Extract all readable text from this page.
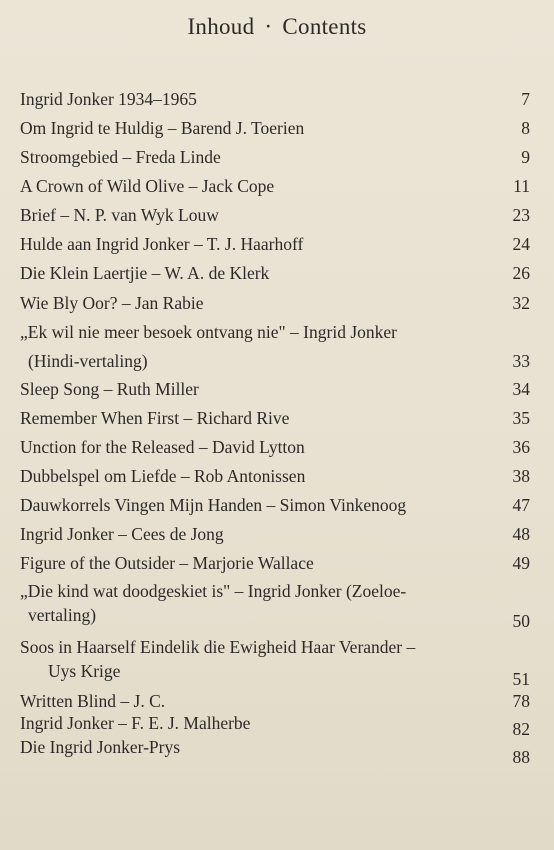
Inhoud · Contents
Ingrid Jonker 1934–1965	7
Om Ingrid te Huldig – Barend J. Toerien	8
Stroomgebied – Freda Linde	9
A Crown of Wild Olive – Jack Cope	11
Brief – N. P. van Wyk Louw	23
Hulde aan Ingrid Jonker – T. J. Haarhoff	24
Die Klein Laertjie – W. A. de Klerk	26
Wie Bly Oor? – Jan Rabie	32
„Ek wil nie meer besoek ontvang nie" – Ingrid Jonker
(Hindi-vertaling)	33
Sleep Song – Ruth Miller	34
Remember When First – Richard Rive	35
Unction for the Released – David Lytton	36
Dubbelspel om Liefde – Rob Antonissen	38
Dauwkorrels Vingen Mijn Handen – Simon Vinkenoog	47
Ingrid Jonker – Cees de Jong	48
Figure of the Outsider – Marjorie Wallace	49
„Die kind wat doodgeskiet is" – Ingrid Jonker (Zoeloe-
vertaling)	50
Soos in Haarself Eindelik die Ewigheid Haar Verander –
Uys Krige	51
Written Blind – J. C.	78
Ingrid Jonker – F. E. J. Malherbe	82
Die Ingrid Jonker-Prys	88
